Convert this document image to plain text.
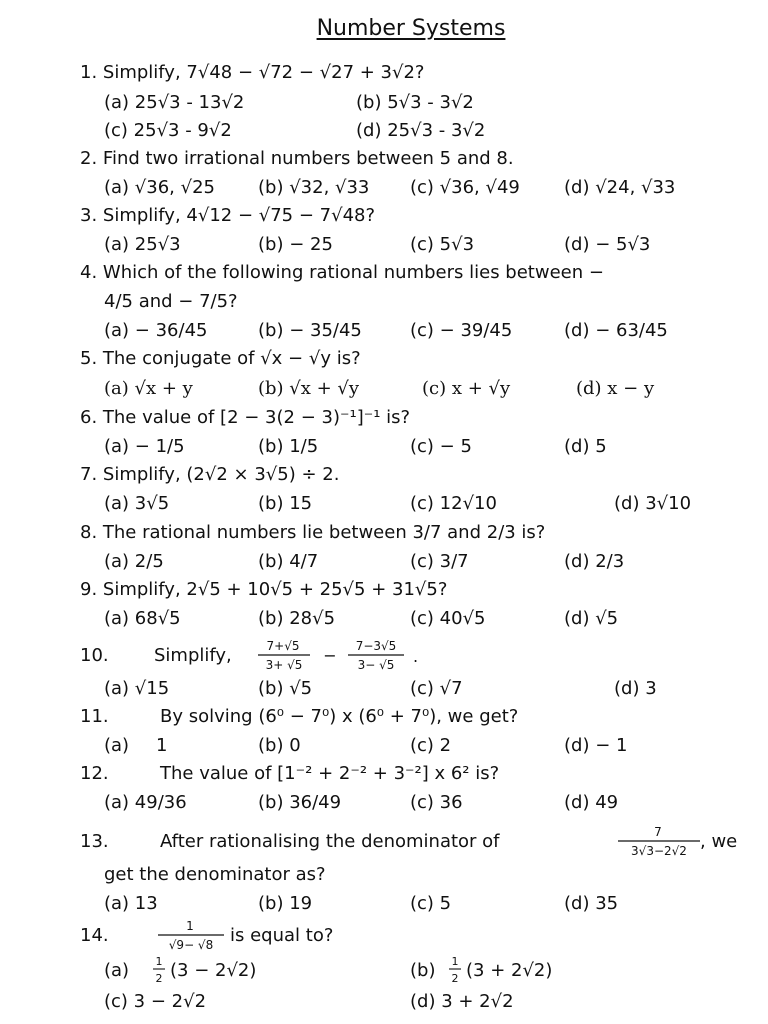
Number Systems
1. Simplify, 7√48 − √72 − √27 + 3√2?
(a) 25√3 - 13√2	(b) 5√3 - 3√2
(c) 25√3 - 9√2	(d) 25√3 - 3√2
2. Find two irrational numbers between 5 and 8.
(a) √36, √25 (b) √32, √33 (c) √36, √49 (d) √24, √33
3. Simplify, 4√12 − √75 − 7√48?
(a) 25√3	(b) − 25	(c) 5√3	(d) − 5√3
4. Which of the following rational numbers lies between −
4/5 and − 7/5?
(a) − 36/45	(b) − 35/45	(c) − 39/45	(d) − 63/45
5. The conjugate of √x − √y is?
(a) √x + y	(b) √x + √y	(c) x + √y	(d) x − y
6. The value of [2 − 3(2 − 3)⁻¹]⁻¹ is?
(a) − 1/5	(b) 1/5	(c) − 5	(d) 5
7. Simplify, (2√2 × 3√5) ÷ 2.
(a) 3√5	(b) 15	(c) 12√10	(d) 3√10
8. The rational numbers lie between 3/7 and 2/3 is?
(a) 2/5	(b) 4/7	(c) 3/7	(d) 2/3
9. Simplify, 2√5 + 10√5 + 25√5 + 31√5?
(a) 68√5	(b) 28√5	(c) 40√5	(d) √5
10.	Simplify,	7+√5
3+ √5 − 7−3√5
3− √5 .
(a) √15	(b) √5	(c) √7	(d) 3
11.	By solving (6⁰ − 7⁰) x (6⁰ + 7⁰), we get?
(a) 1	(b) 0	(c) 2	(d) − 1
12.	The value of [1⁻² + 2⁻² + 3⁻²] x 6² is?
(a) 49/36	(b) 36/49	(c) 36	(d) 49
13.	After rationalising the denominator of	7
3√3−2√2 , we
get the denominator as?
(a) 13	(b) 19	(c) 5	(d) 35
14.	1
√9− √8 is equal to?
(a) 1
2 (3 − 2√2)	(b) 1
2 (3 + 2√2)
(c) 3 − 2√2	(d) 3 + 2√2
